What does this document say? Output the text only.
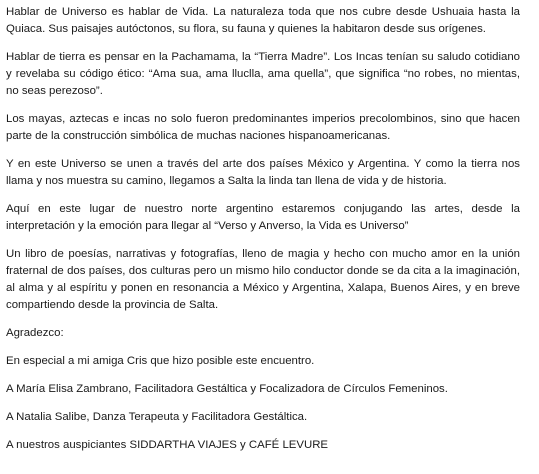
Hablar de Universo es hablar de Vida. La naturaleza toda que nos cubre desde Ushuaia hasta la Quiaca. Sus paisajes autóctonos, su flora, su fauna y quienes la habitaron desde sus orígenes.

Hablar de tierra es pensar en la Pachamama, la “Tierra Madre”. Los Incas tenían su saludo cotidiano y revelaba su código ético: “Ama sua, ama lluclla, ama quella”, que significa “no robes, no mientas, no seas perezoso”.

Los mayas, aztecas e incas no solo fueron predominantes imperios precolombinos, sino que hacen parte de la construcción simbólica de muchas naciones hispanoamericanas.

Y en este Universo se unen a través del arte dos países México y Argentina. Y como la tierra nos llama y nos muestra su camino, llegamos a Salta la linda tan llena de vida y de historia.

Aquí en este lugar de nuestro norte argentino estaremos conjugando las artes, desde la interpretación y la emoción para llegar al “Verso y Anverso, la Vida es Universo”

Un libro de poesías, narrativas y fotografías, lleno de magia y hecho con mucho amor en la unión fraternal de dos países, dos culturas pero un mismo hilo conductor donde se da cita a la imaginación, al alma y al espíritu y ponen en resonancia a México y Argentina, Xalapa, Buenos Aires, y en breve compartiendo desde la provincia de Salta.

Agradezco:

En especial a mi amiga Cris que hizo posible este encuentro.

A María Elisa Zambrano, Facilitadora Gestáltica y Focalizadora de Círculos Femeninos.

A Natalia Salibe, Danza Terapeuta y Facilitadora Gestáltica.

A nuestros auspiciantes SIDDARTHA VIAJES y CAFÉ LEVURE
